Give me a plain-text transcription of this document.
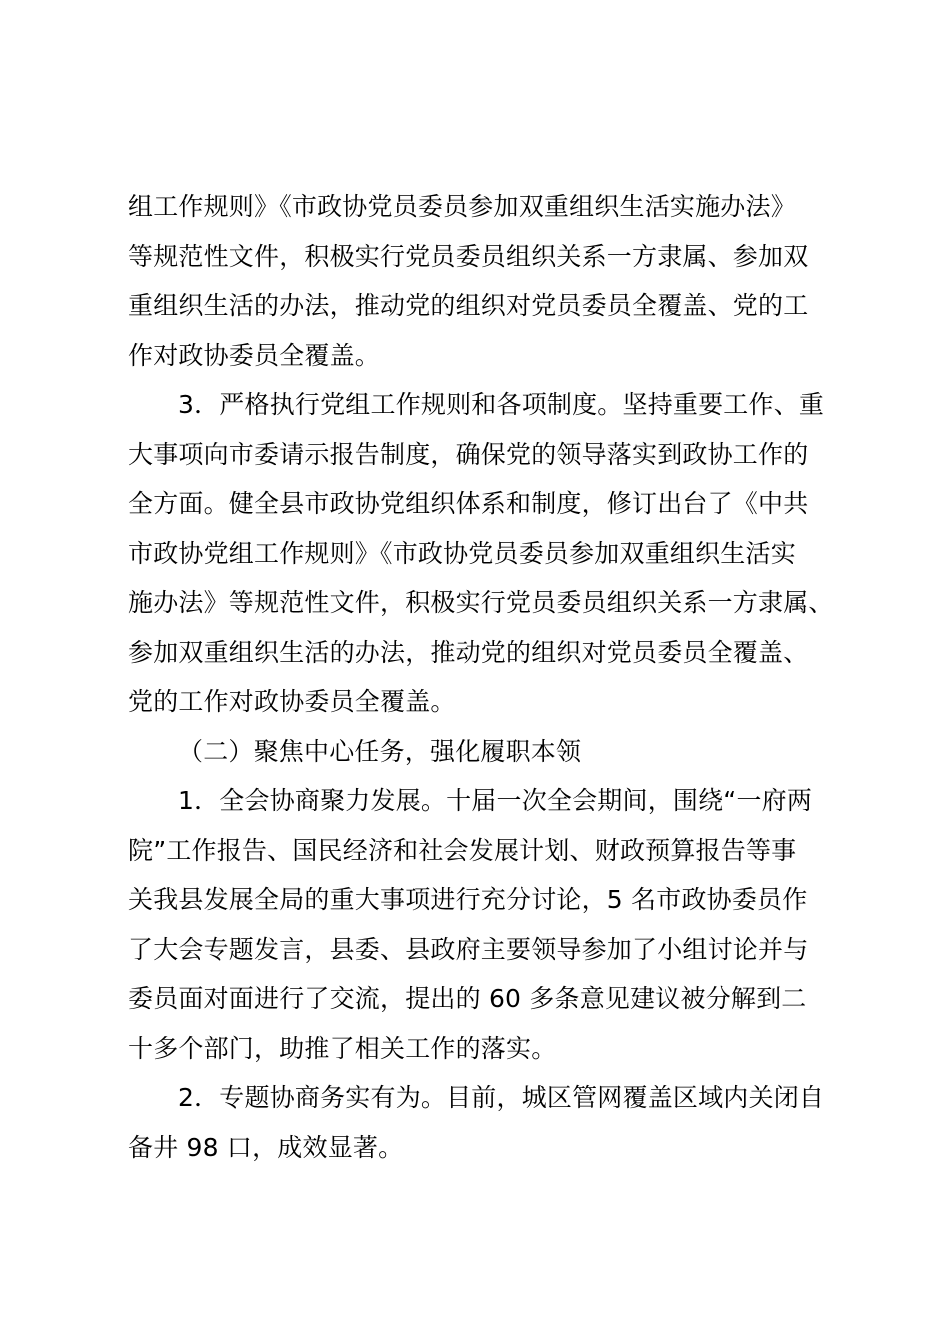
组工作规则》《市政协党员委员参加双重组织生活实施办法》
等规范性文件，积极实行党员委员组织关系一方隶属、参加双
重组织生活的办法，推动党的组织对党员委员全覆盖、党的工
作对政协委员全覆盖。
3．严格执行党组工作规则和各项制度。坚持重要工作、重
大事项向市委请示报告制度，确保党的领导落实到政协工作的
全方面。健全县市政协党组织体系和制度，修订出台了《中共
市政协党组工作规则》《市政协党员委员参加双重组织生活实
施办法》等规范性文件，积极实行党员委员组织关系一方隶属、
参加双重组织生活的办法，推动党的组织对党员委员全覆盖、
党的工作对政协委员全覆盖。
（二）聚焦中心任务，强化履职本领
1．全会协商聚力发展。十届一次全会期间，围绕“一府两
院”工作报告、国民经济和社会发展计划、财政预算报告等事
关我县发展全局的重大事项进行充分讨论，5 名市政协委员作
了大会专题发言，县委、县政府主要领导参加了小组讨论并与
委员面对面进行了交流，提出的 60 多条意见建议被分解到二
十多个部门，助推了相关工作的落实。
2．专题协商务实有为。目前，城区管网覆盖区域内关闭自
备井 98 口，成效显著。
